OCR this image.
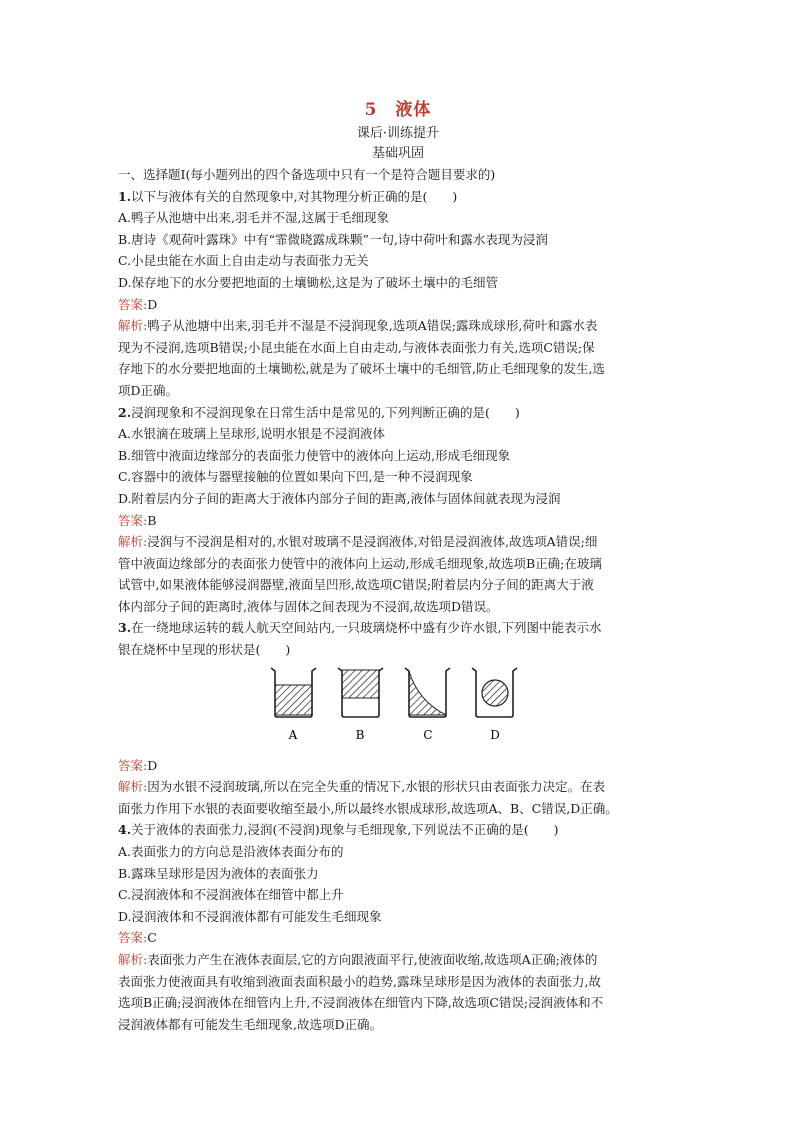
5　液体
课后·训练提升
基础巩固
一、选择题Ⅰ(每小题列出的四个备选项中只有一个是符合题目要求的)
1.以下与液体有关的自然现象中,对其物理分析正确的是(　　)
A.鸭子从池塘中出来,羽毛并不湿,这属于毛细现象
B.唐诗《观荷叶露珠》中有“霏微晓露成珠颗”一句,诗中荷叶和露水表现为浸润
C.小昆虫能在水面上自由走动与表面张力无关
D.保存地下的水分要把地面的土壤锄松,这是为了破坏土壤中的毛细管
答案:D
解析:鸭子从池塘中出来,羽毛并不湿是不浸润现象,选项A错误;露珠成球形,荷叶和露水表
现为不浸润,选项B错误;小昆虫能在水面上自由走动,与液体表面张力有关,选项C错误;保
存地下的水分要把地面的土壤锄松,就是为了破坏土壤中的毛细管,防止毛细现象的发生,选
项D正确。
2.浸润现象和不浸润现象在日常生活中是常见的,下列判断正确的是(　　)
A.水银滴在玻璃上呈球形,说明水银是不浸润液体
B.细管中液面边缘部分的表面张力使管中的液体向上运动,形成毛细现象
C.容器中的液体与器壁接触的位置如果向下凹,是一种不浸润现象
D.附着层内分子间的距离大于液体内部分子间的距离,液体与固体间就表现为浸润
答案:B
解析:浸润与不浸润是相对的,水银对玻璃不是浸润液体,对铅是浸润液体,故选项A错误;细
管中液面边缘部分的表面张力使管中的液体向上运动,形成毛细现象,故选项B正确;在玻璃
试管中,如果液体能够浸润器壁,液面呈凹形,故选项C错误;附着层内分子间的距离大于液
体内部分子间的距离时,液体与固体之间表现为不浸润,故选项D错误。
3.在一绕地球运转的载人航天空间站内,一只玻璃烧杯中盛有少许水银,下列图中能表示水
银在烧杯中呈现的形状是(　　)
A	B	C	D
答案:D
解析:因为水银不浸润玻璃,所以在完全失重的情况下,水银的形状只由表面张力决定。在表
面张力作用下水银的表面要收缩至最小,所以最终水银成球形,故选项A、B、C错误,D正确。
4.关于液体的表面张力,浸润(不浸润)现象与毛细现象,下列说法不正确的是(　　)
A.表面张力的方向总是沿液体表面分布的
B.露珠呈球形是因为液体的表面张力
C.浸润液体和不浸润液体在细管中都上升
D.浸润液体和不浸润液体都有可能发生毛细现象
答案:C
解析:表面张力产生在液体表面层,它的方向跟液面平行,使液面收缩,故选项A正确;液体的
表面张力使液面具有收缩到液面表面积最小的趋势,露珠呈球形是因为液体的表面张力,故
选项B正确;浸润液体在细管内上升,不浸润液体在细管内下降,故选项C错误;浸润液体和不
浸润液体都有可能发生毛细现象,故选项D正确。
